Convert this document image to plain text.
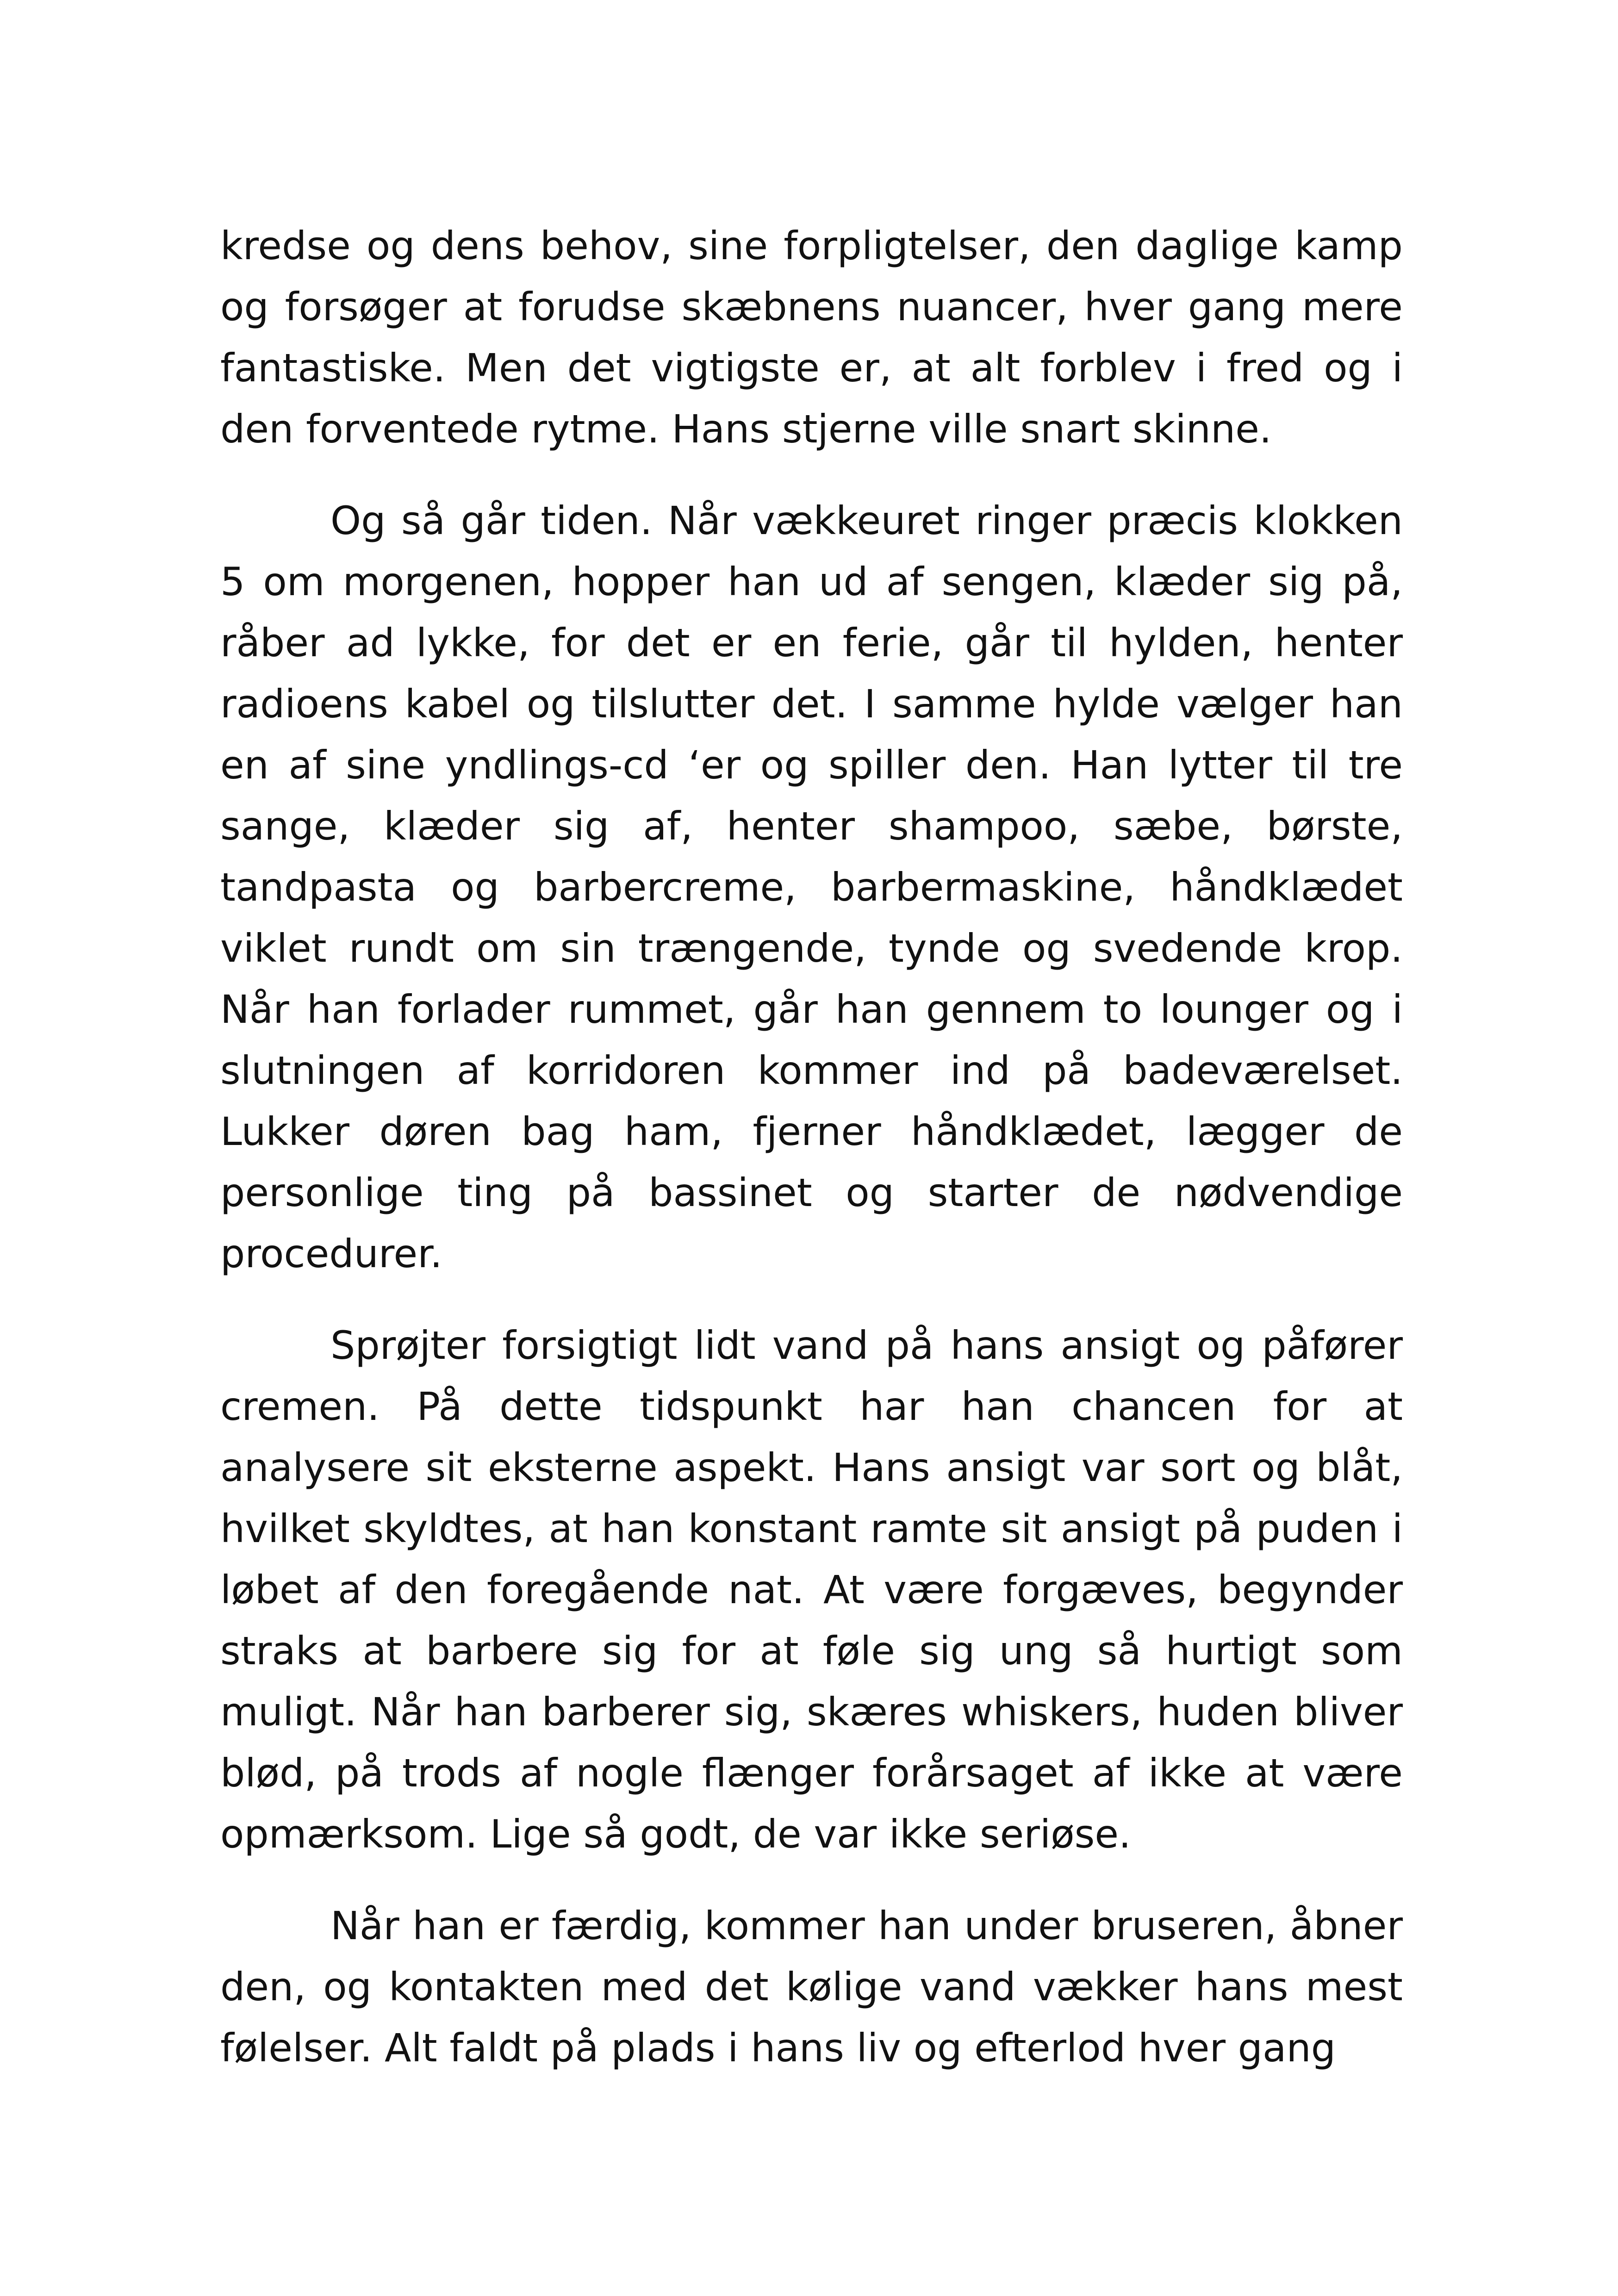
kredse og dens behov, sine forpligtelser, den daglige kamp og forsøger at forudse skæbnens nuancer, hver gang mere fantastiske. Men det vigtigste er, at alt forblev i fred og i den forventede rytme. Hans stjerne ville snart skinne.

Og så går tiden. Når vækkeuret ringer præcis klokken 5 om morgenen, hopper han ud af sengen, klæder sig på, råber ad lykke, for det er en ferie, går til hylden, henter radioens kabel og tilslutter det. I samme hylde vælger han en af sine yndlings-cd ‘er og spiller den. Han lytter til tre sange, klæder sig af, henter shampoo, sæbe, børste, tandpasta og barbercreme, barbermaskine, håndklædet viklet rundt om sin trængende, tynde og svedende krop. Når han forlader rummet, går han gennem to lounger og i slutningen af korridoren kommer ind på badeværelset. Lukker døren bag ham, fjerner håndklædet, lægger de personlige ting på bassinet og starter de nødvendige procedurer.

Sprøjter forsigtigt lidt vand på hans ansigt og påfører cremen. På dette tidspunkt har han chancen for at analysere sit eksterne aspekt. Hans ansigt var sort og blåt, hvilket skyldtes, at han konstant ramte sit ansigt på puden i løbet af den foregående nat. At være forgæves, begynder straks at barbere sig for at føle sig ung så hurtigt som muligt. Når han barberer sig, skæres whiskers, huden bliver blød, på trods af nogle flænger forårsaget af ikke at være opmærksom. Lige så godt, de var ikke seriøse.

Når han er færdig, kommer han under bruseren, åbner den, og kontakten med det kølige vand vækker hans mest følelser. Alt faldt på plads i hans liv og efterlod hver gang
